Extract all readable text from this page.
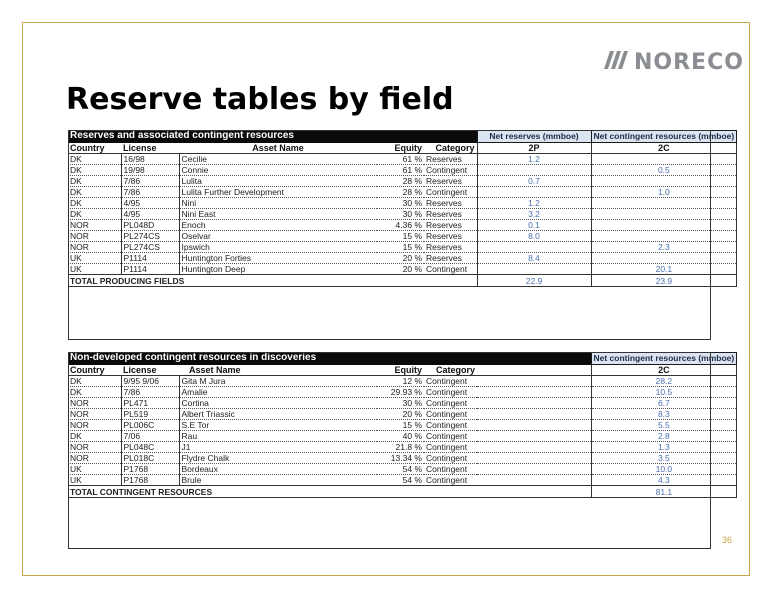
NORECO
Reserve tables by field
Reserves and associated contingent resources					Net reserves (mmboe)	Net contingent resources (mmboe)
Country	License	Asset Name	Equity	Category	2P	2C
DK	16/98	Cecilie	61 %	Reserves	1.2	
DK	19/98	Connie	61 %	Contingent		0.5
DK	7/86	Lulita	28 %	Reserves	0.7	
DK	7/86	Lulita Further Development	28 %	Contingent		1.0
DK	4/95	Nini	30 %	Reserves	1.2	
DK	4/95	Nini East	30 %	Reserves	3.2	
NOR	PL048D	Enoch	4.36 %	Reserves	0.1	
NOR	PL274CS	Oselvar	15 %	Reserves	8.0	
NOR	PL274CS	Ipswich	15 %	Reserves		2.3
UK	P1114	Huntington Forties	20 %	Reserves	8.4	
UK	P1114	Huntington Deep	20 %	Contingent		20.1
TOTAL PRODUCING FIELDS					22.9	23.9
Non-developed contingent resources in discoveries						Net contingent resources (mmboe)
Country	License	Asset Name	Equity	Category		2C
DK	9/95 9/06	Gita M Jura	12 %	Contingent		28.2
DK	7/86	Amalie	29.93 %	Contingent		10.5
NOR	PL471	Cortina	30 %	Contingent		6.7
NOR	PL519	Albert Triassic	20 %	Contingent		8.3
NOR	PL006C	S.E Tor	15 %	Contingent		5.5
DK	7/06	Rau	40 %	Contingent		2.8
NOR	PL048C	J1	21.8 %	Contingent		1.3
NOR	PL018C	Flydre Chalk	13.34 %	Contingent		3.5
UK	P1768	Bordeaux	54 %	Contingent		10.0
UK	P1768	Brule	54 %	Contingent		4.3
TOTAL CONTINGENT RESOURCES						81.1
36
